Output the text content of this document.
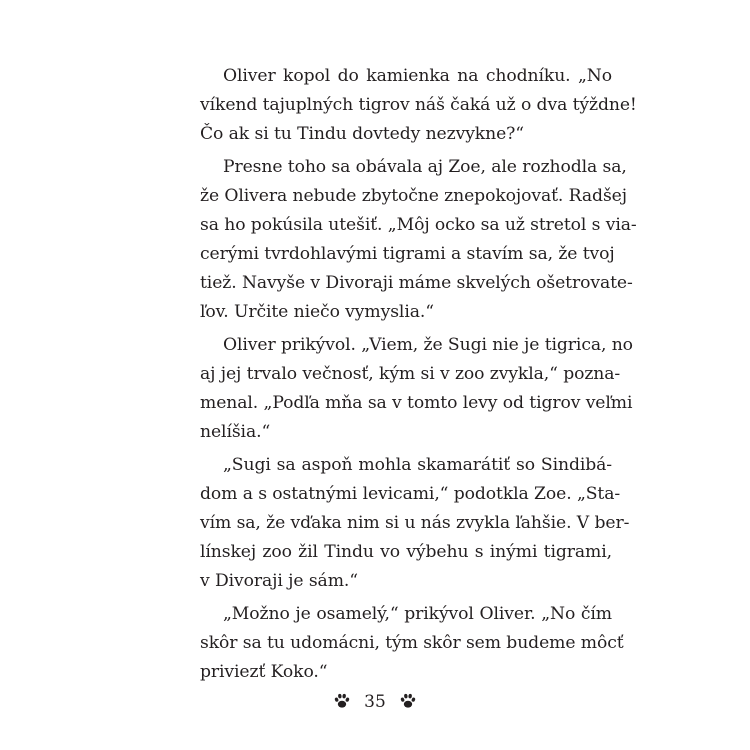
Oliver kopol do kamienka na chodníku. „No
víkend tajuplných tigrov náš čaká už o dva týždne!
Čo ak si tu Tindu dovtedy nezvykne?“
Presne toho sa obávala aj Zoe, ale rozhodla sa,
že Olivera nebude zbytočne znepokojovať. Radšej
sa ho pokúsila utešiť. „Môj ocko sa už stretol s via-
cerými tvrdohlavými tigrami a stavím sa, že tvoj
tiež. Navyše v Divoraji máme skvelých ošetrovate-
ľov. Určite niečo vymyslia.“
Oliver prikývol. „Viem, že Sugi nie je tigrica, no
aj jej trvalo večnosť, kým si v zoo zvykla,“ pozna-
menal. „Podľa mňa sa v tomto levy od tigrov veľmi
nelíšia.“
„Sugi sa aspoň mohla skamarátiť so Sindibá-
dom a s ostatnými levicami,“ podotkla Zoe. „Sta-
vím sa, že vďaka nim si u nás zvykla ľahšie. V ber-
línskej zoo žil Tindu vo výbehu s inými tigrami,
v Divoraji je sám.“
„Možno je osamelý,“ prikývol Oliver. „No čím
skôr sa tu udomácni, tým skôr sem budeme môcť
priviezť Koko.“
35
